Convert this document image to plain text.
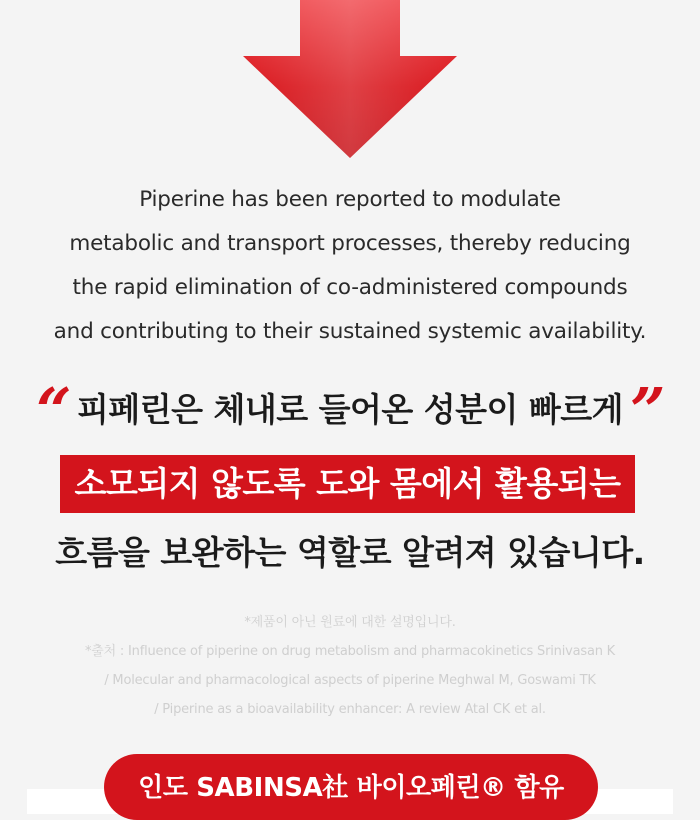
Piperine has been reported to modulate
metabolic and transport processes, thereby reducing
the rapid elimination of co-administered compounds
and contributing to their sustained systemic availability.
“	”
피페린은 체내로 들어온 성분이 빠르게
소모되지 않도록 도와 몸에서 활용되는
흐름을 보완하는 역할로 알려져 있습니다.
*제품이 아닌 원료에 대한 설명입니다.
*출처 : Influence of piperine on drug metabolism and pharmacokinetics Srinivasan K
/ Molecular and pharmacological aspects of piperine Meghwal M, Goswami TK
/ Piperine as a bioavailability enhancer: A review Atal CK et al.
인도 SABINSA社 바이오페린® 함유
